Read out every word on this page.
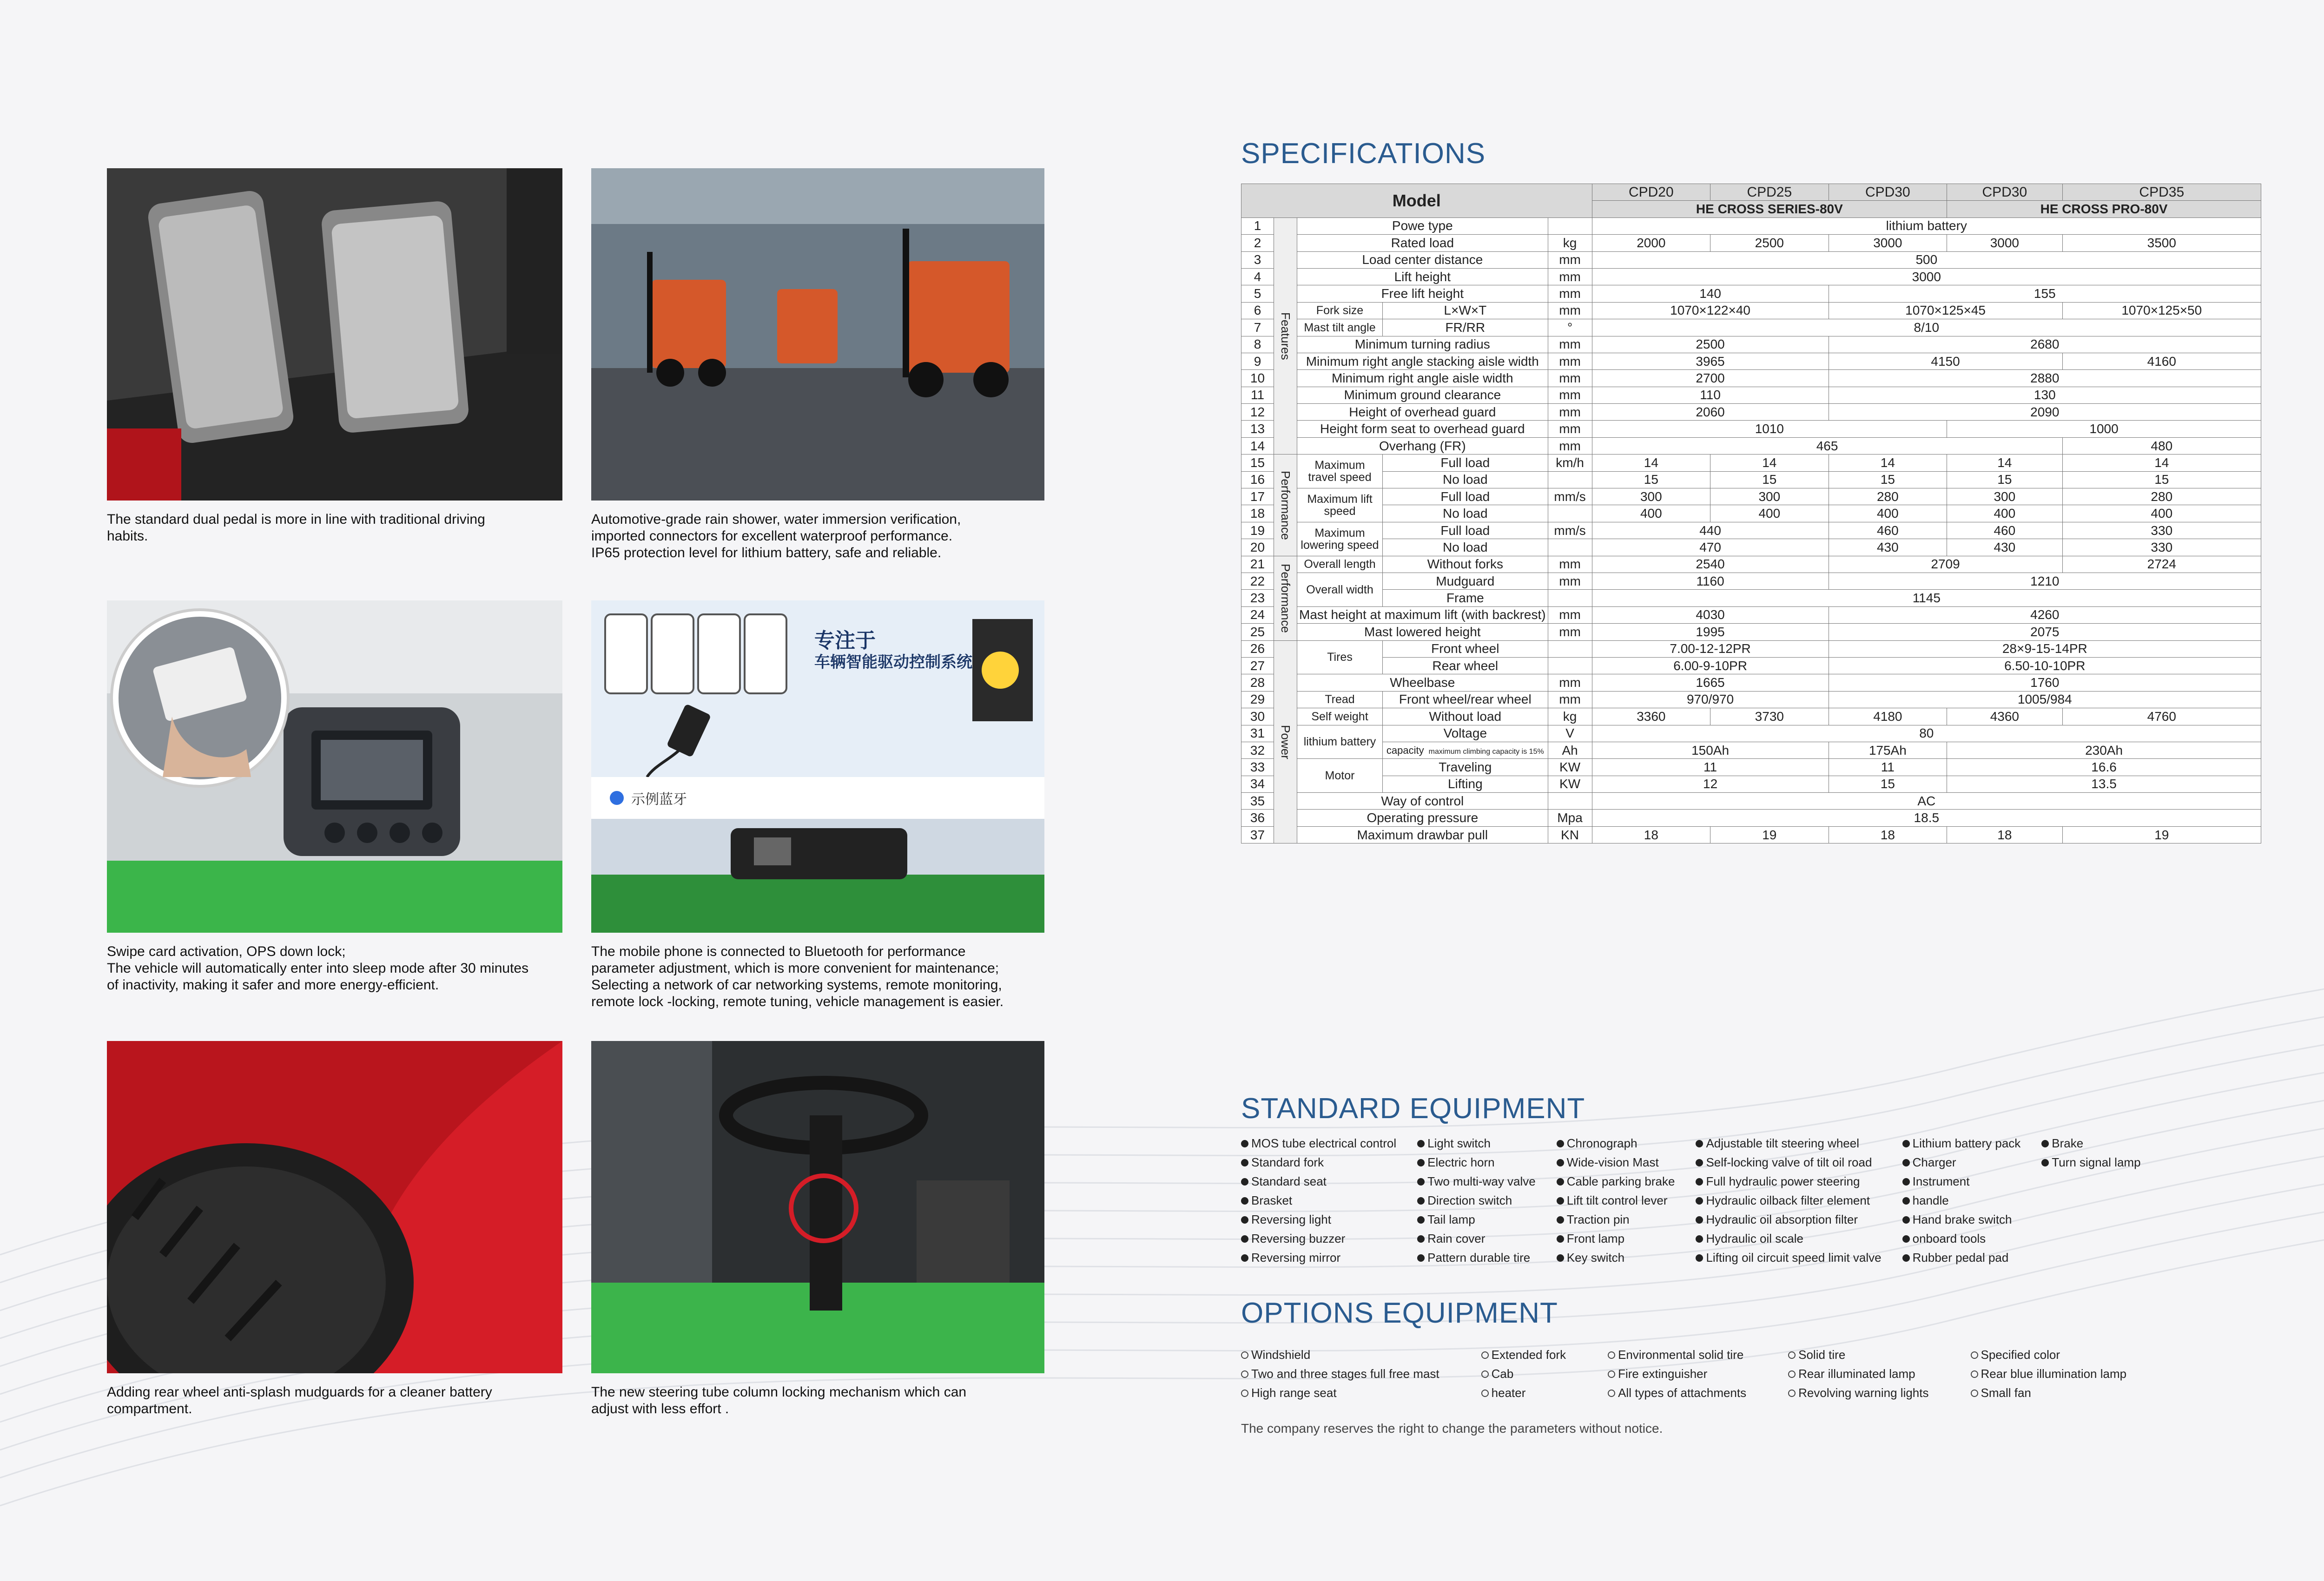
The standard dual pedal is more in line with traditional driving
habits.
Automotive-grade rain shower, water immersion verification,
imported connectors for excellent waterproof performance.
IP65 protection level for lithium battery, safe and reliable.
Swipe card activation, OPS down lock;
The vehicle will automatically enter into sleep mode after 30 minutes
of inactivity, making it safer and more energy-efficient.
专注于
车辆智能驱动控制系统
示例蓝牙
The mobile phone is connected to Bluetooth for performance
parameter adjustment, which is more convenient for maintenance;
Selecting a network of car networking systems, remote monitoring,
remote lock -locking, remote tuning, vehicle management is easier.
Adding rear wheel anti-splash mudguards for a cleaner battery
compartment.
The new steering tube column locking mechanism which can
adjust with less effort .
SPECIFICATIONS
Model					CPD20	CPD25	CPD30	CPD30	CPD35
					HE CROSS SERIES-80V			HE CROSS PRO-80V	
1	Features	Powe type			lithium battery				
2		Rated load		kg	2000	2500	3000	3000	3500
3		Load center distance		mm	500				
4		Lift height		mm	3000				
5		Free lift height		mm	140		155		
6		Fork size	L×W×T	mm	1070×122×40		1070×125×45		1070×125×50
7		Mast tilt angle	FR/RR	°	8/10				
8		Minimum turning radius		mm	2500		2680		
9		Minimum right angle stacking aisle width		mm	3965		4150		4160
10		Minimum right angle aisle width		mm	2700		2880		
11		Minimum ground clearance		mm	110		130		
12		Height of overhead guard		mm	2060		2090		
13		Height form seat to overhead guard		mm	1010			1000	
14		Overhang (FR)		mm	465				480
15	Performance	Maximum travel speed	Full load	km/h	14	14	14	14	14
16			No load		15	15	15	15	15
17		Maximum lift speed	Full load	mm/s	300	300	280	300	280
18			No load		400	400	400	400	400
19		Maximum lowering speed	Full load	mm/s	440		460	460	330
20			No load		470		430	430	330
21	Performance	Overall length	Without forks	mm	2540		2709		2724
22		Overall width	Mudguard	mm	1160		1210		
23			Frame		1145				
24		Mast height at maximum lift (with backrest)		mm	4030		4260		
25		Mast lowered height		mm	1995		2075		
26	Power	Tires	Front wheel		7.00-12-12PR		28×9-15-14PR		
27			Rear wheel		6.00-9-10PR		6.50-10-10PR		
28		Wheelbase		mm	1665		1760		
29		Tread	Front wheel/rear wheel	mm	970/970		1005/984		
30		Self weight	Without load	kg	3360	3730	4180	4360	4760
31		lithium battery	Voltage	V	80				
32			capacity maximum climbing capacity is 15%	Ah	150Ah		175Ah	230Ah	
33		Motor	Traveling	KW	11		11	16.6	
34			Lifting	KW	12		15	13.5	
35		Way of control			AC				
36		Operating pressure		Mpa	18.5				
37		Maximum drawbar pull		KN	18	19	18	18	19
STANDARD EQUIPMENT
MOS tube electrical control
Standard fork
Standard seat
Brasket
Reversing light
Reversing buzzer
Reversing mirror
Light switch
Electric horn
Two multi-way valve
Direction switch
Tail lamp
Rain cover
Pattern durable tire
Chronograph
Wide-vision Mast
Cable parking brake
Lift tilt control lever
Traction pin
Front lamp
Key switch
Adjustable tilt steering wheel
Self-locking valve of tilt oil road
Full hydraulic power steering
Hydraulic oilback filter element
Hydraulic oil absorption filter
Hydraulic oil scale
Lifting oil circuit speed limit valve
Lithium battery pack
Charger
Instrument
handle
Hand brake switch
onboard tools
Rubber pedal pad
Brake
Turn signal lamp
OPTIONS EQUIPMENT
Windshield
Two and three stages full free mast
High range seat
Extended fork
Cab
heater
Environmental solid tire
Fire extinguisher
All types of attachments
Solid tire
Rear illuminated lamp
Revolving warning lights
Specified color
Rear blue illumination lamp
Small fan
The company reserves the right to change the parameters without notice.
